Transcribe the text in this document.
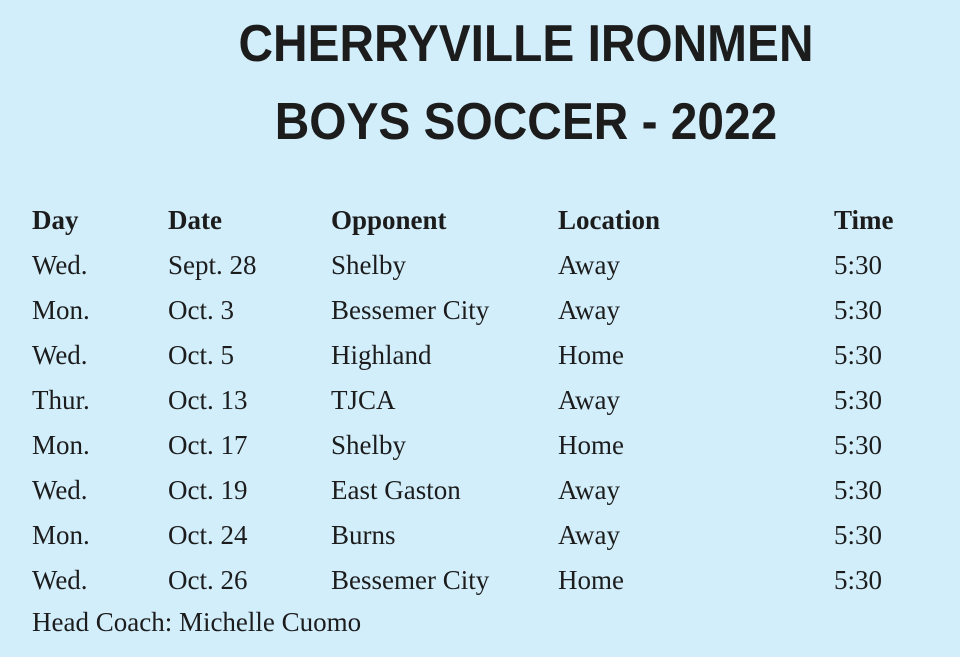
CHERRYVILLE IRONMEN
BOYS SOCCER - 2022
Day	Date	Opponent	Location	Time
Wed.	Sept. 28	Shelby	Away	5:30
Mon.	Oct. 3	Bessemer City	Away	5:30
Wed.	Oct. 5	Highland	Home	5:30
Thur.	Oct. 13	TJCA	Away	5:30
Mon.	Oct. 17	Shelby	Home	5:30
Wed.	Oct. 19	East Gaston	Away	5:30
Mon.	Oct. 24	Burns	Away	5:30
Wed.	Oct. 26	Bessemer City	Home	5:30
Head Coach: Michelle Cuomo
